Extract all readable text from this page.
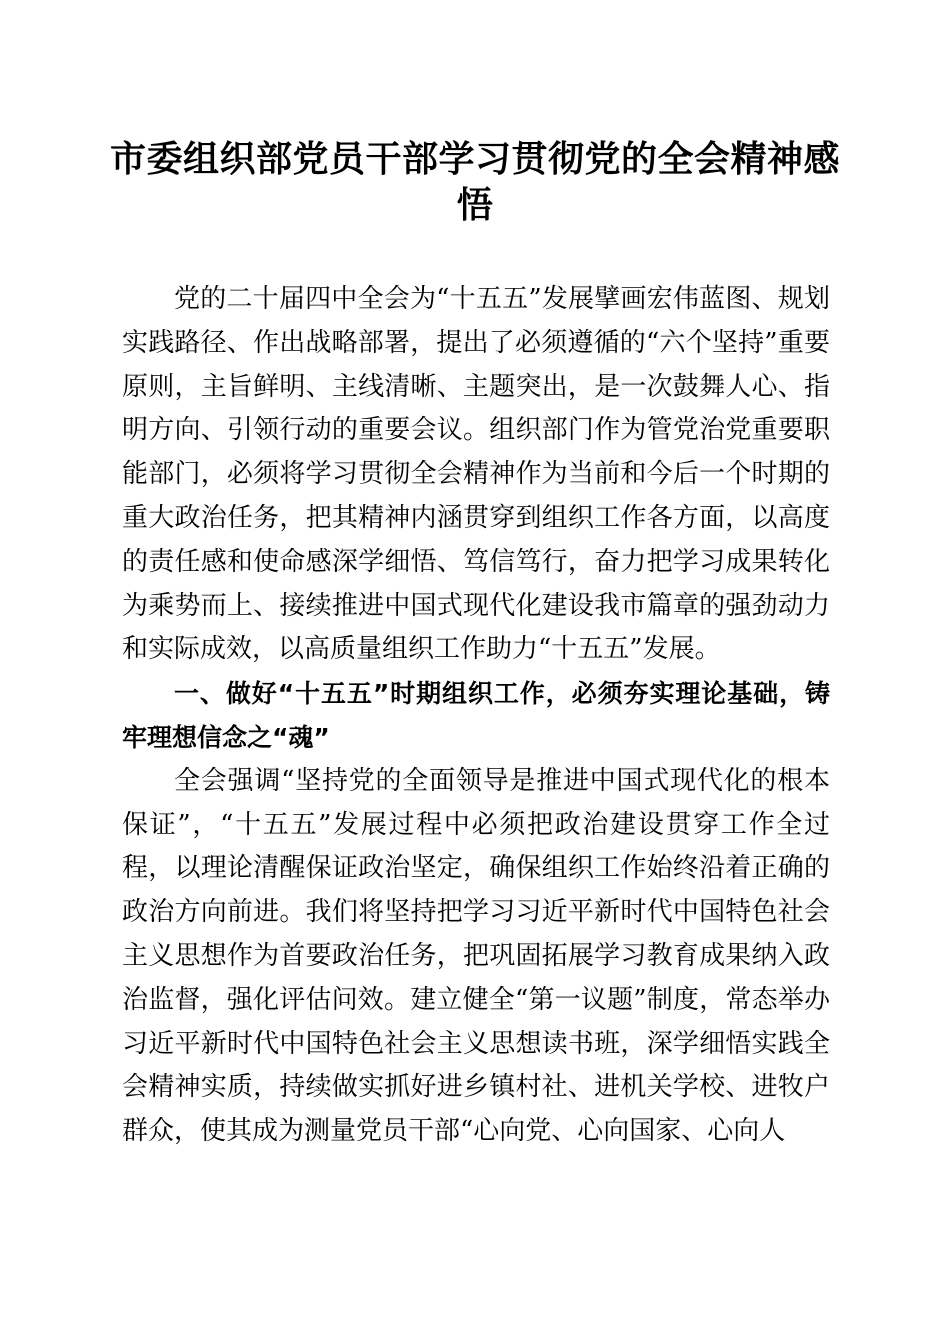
市委组织部党员干部学习贯彻党的全会精神感悟

党的二十届四中全会为“十五五”发展擘画宏伟蓝图、规划实践路径、作出战略部署，提出了必须遵循的“六个坚持”重要原则，主旨鲜明、主线清晰、主题突出，是一次鼓舞人心、指明方向、引领行动的重要会议。组织部门作为管党治党重要职能部门，必须将学习贯彻全会精神作为当前和今后一个时期的重大政治任务，把其精神内涵贯穿到组织工作各方面，以高度的责任感和使命感深学细悟、笃信笃行，奋力把学习成果转化为乘势而上、接续推进中国式现代化建设我市篇章的强劲动力和实际成效，以高质量组织工作助力“十五五”发展。

一、做好“十五五”时期组织工作，必须夯实理论基础，铸牢理想信念之“魂”

全会强调“坚持党的全面领导是推进中国式现代化的根本保证”，“十五五”发展过程中必须把政治建设贯穿工作全过程，以理论清醒保证政治坚定，确保组织工作始终沿着正确的政治方向前进。我们将坚持把学习习近平新时代中国特色社会主义思想作为首要政治任务，把巩固拓展学习教育成果纳入政治监督，强化评估问效。建立健全“第一议题”制度，常态举办习近平新时代中国特色社会主义思想读书班，深学细悟实践全会精神实质，持续做实抓好进乡镇村社、进机关学校、进牧户群众，使其成为测量党员干部“心向党、心向国家、心向人
